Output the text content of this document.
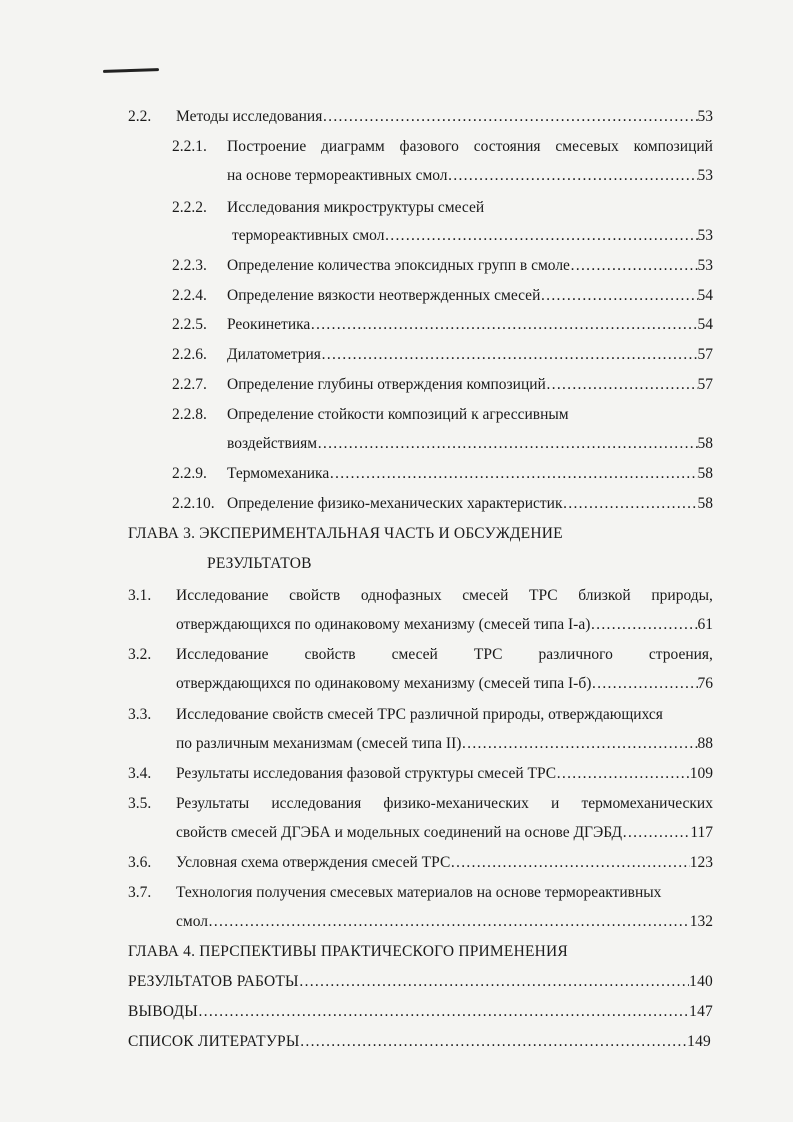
2.2. Методы исследования ………………………………………………………………………………………………………………………………………………………………………………	53
2.2.1. Построение диаграмм фазового состояния смесевых композиций
на основе термореактивных смол ………………………………………………………………………………………………………………………………………………………………………………	53
2.2.2. Исследования микроструктуры смесей
термореактивных смол ………………………………………………………………………………………………………………………………………………………………………………	53
2.2.3. Определение количества эпоксидных групп в смоле ………………………………………………………………………………………………………………………………………………………………………………	53
2.2.4. Определение вязкости неотвержденных смесей ………………………………………………………………………………………………………………………………………………………………………………	54
2.2.5. Реокинетика ………………………………………………………………………………………………………………………………………………………………………………	54
2.2.6. Дилатометрия ………………………………………………………………………………………………………………………………………………………………………………	57
2.2.7. Определение глубины отверждения композиций ………………………………………………………………………………………………………………………………………………………………………………	57
2.2.8. Определение стойкости композиций к агрессивным
воздействиям ………………………………………………………………………………………………………………………………………………………………………………	58
2.2.9. Термомеханика ………………………………………………………………………………………………………………………………………………………………………………	58
2.2.10. Определение физико-механических характеристик ………………………………………………………………………………………………………………………………………………………………………………	58
ГЛАВА 3. ЭКСПЕРИМЕНТАЛЬНАЯ ЧАСТЬ И ОБСУЖДЕНИЕ
РЕЗУЛЬТАТОВ
3.1. Исследование свойств однофазных смесей ТРС близкой природы,
отверждающихся по одинаковому механизму (смесей типа I-а) ………………………………………………………………………………………………………………………………………………………………………………	61
3.2. Исследование свойств смесей ТРС различного строения,
отверждающихся по одинаковому механизму (смесей типа I-б) ………………………………………………………………………………………………………………………………………………………………………………	76
3.3. Исследование свойств смесей ТРС различной природы, отверждающихся
по различным механизмам (смесей типа II) ………………………………………………………………………………………………………………………………………………………………………………	88
3.4. Результаты исследования фазовой структуры смесей ТРС ………………………………………………………………………………………………………………………………………………………………………………	109
3.5. Результаты исследования физико-механических и термомеханических
свойств смесей ДГЭБА и модельных соединений на основе ДГЭБД ………………………………………………………………………………………………………………………………………………………………………………	117
3.6. Условная схема отверждения смесей ТРС ………………………………………………………………………………………………………………………………………………………………………………	123
3.7. Технология получения смесевых материалов на основе термореактивных
смол ………………………………………………………………………………………………………………………………………………………………………………	132
ГЛАВА 4. ПЕРСПЕКТИВЫ ПРАКТИЧЕСКОГО ПРИМЕНЕНИЯ
РЕЗУЛЬТАТОВ РАБОТЫ ………………………………………………………………………………………………………………………………………………………………………………	140
ВЫВОДЫ ………………………………………………………………………………………………………………………………………………………………………………	147
СПИСОК ЛИТЕРАТУРЫ ………………………………………………………………………………………………………………………………………………………………………………	149
